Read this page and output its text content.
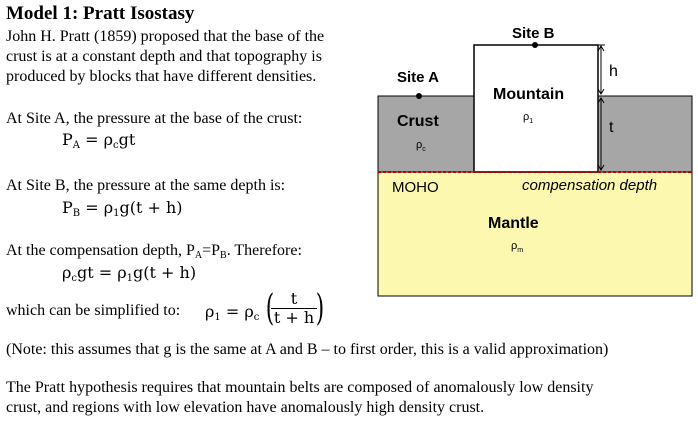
Model 1: Pratt Isostasy
John H. Pratt (1859) proposed that the base of the
crust is at a constant depth and that topography is
produced by blocks that have different densities.
At Site A, the pressure at the base of the crust:
$P_A = \rho_cgt$
At Site B, the pressure at the same depth is:
$P_B = \rho_1g(t + h)$
At the compensation depth, $P_A=P_B$. Therefore:
$\rho_cgt = \rho_1g(t + h)$
which can be simplified to: $\rho_1 = \rho_c$ (	t
t + h )
(Note: this assumes that g is the same at A and B – to first order, this is a valid approximation)
The Pratt hypothesis requires that mountain belts are composed of anomalously low density
crust, and regions with low elevation have anomalously high density crust.
Site A
Site B
Crust
$\rho_c$
Mountain
$\rho_1$
MOHO	compensation depth
Mantle
$\rho_m$
h
t
